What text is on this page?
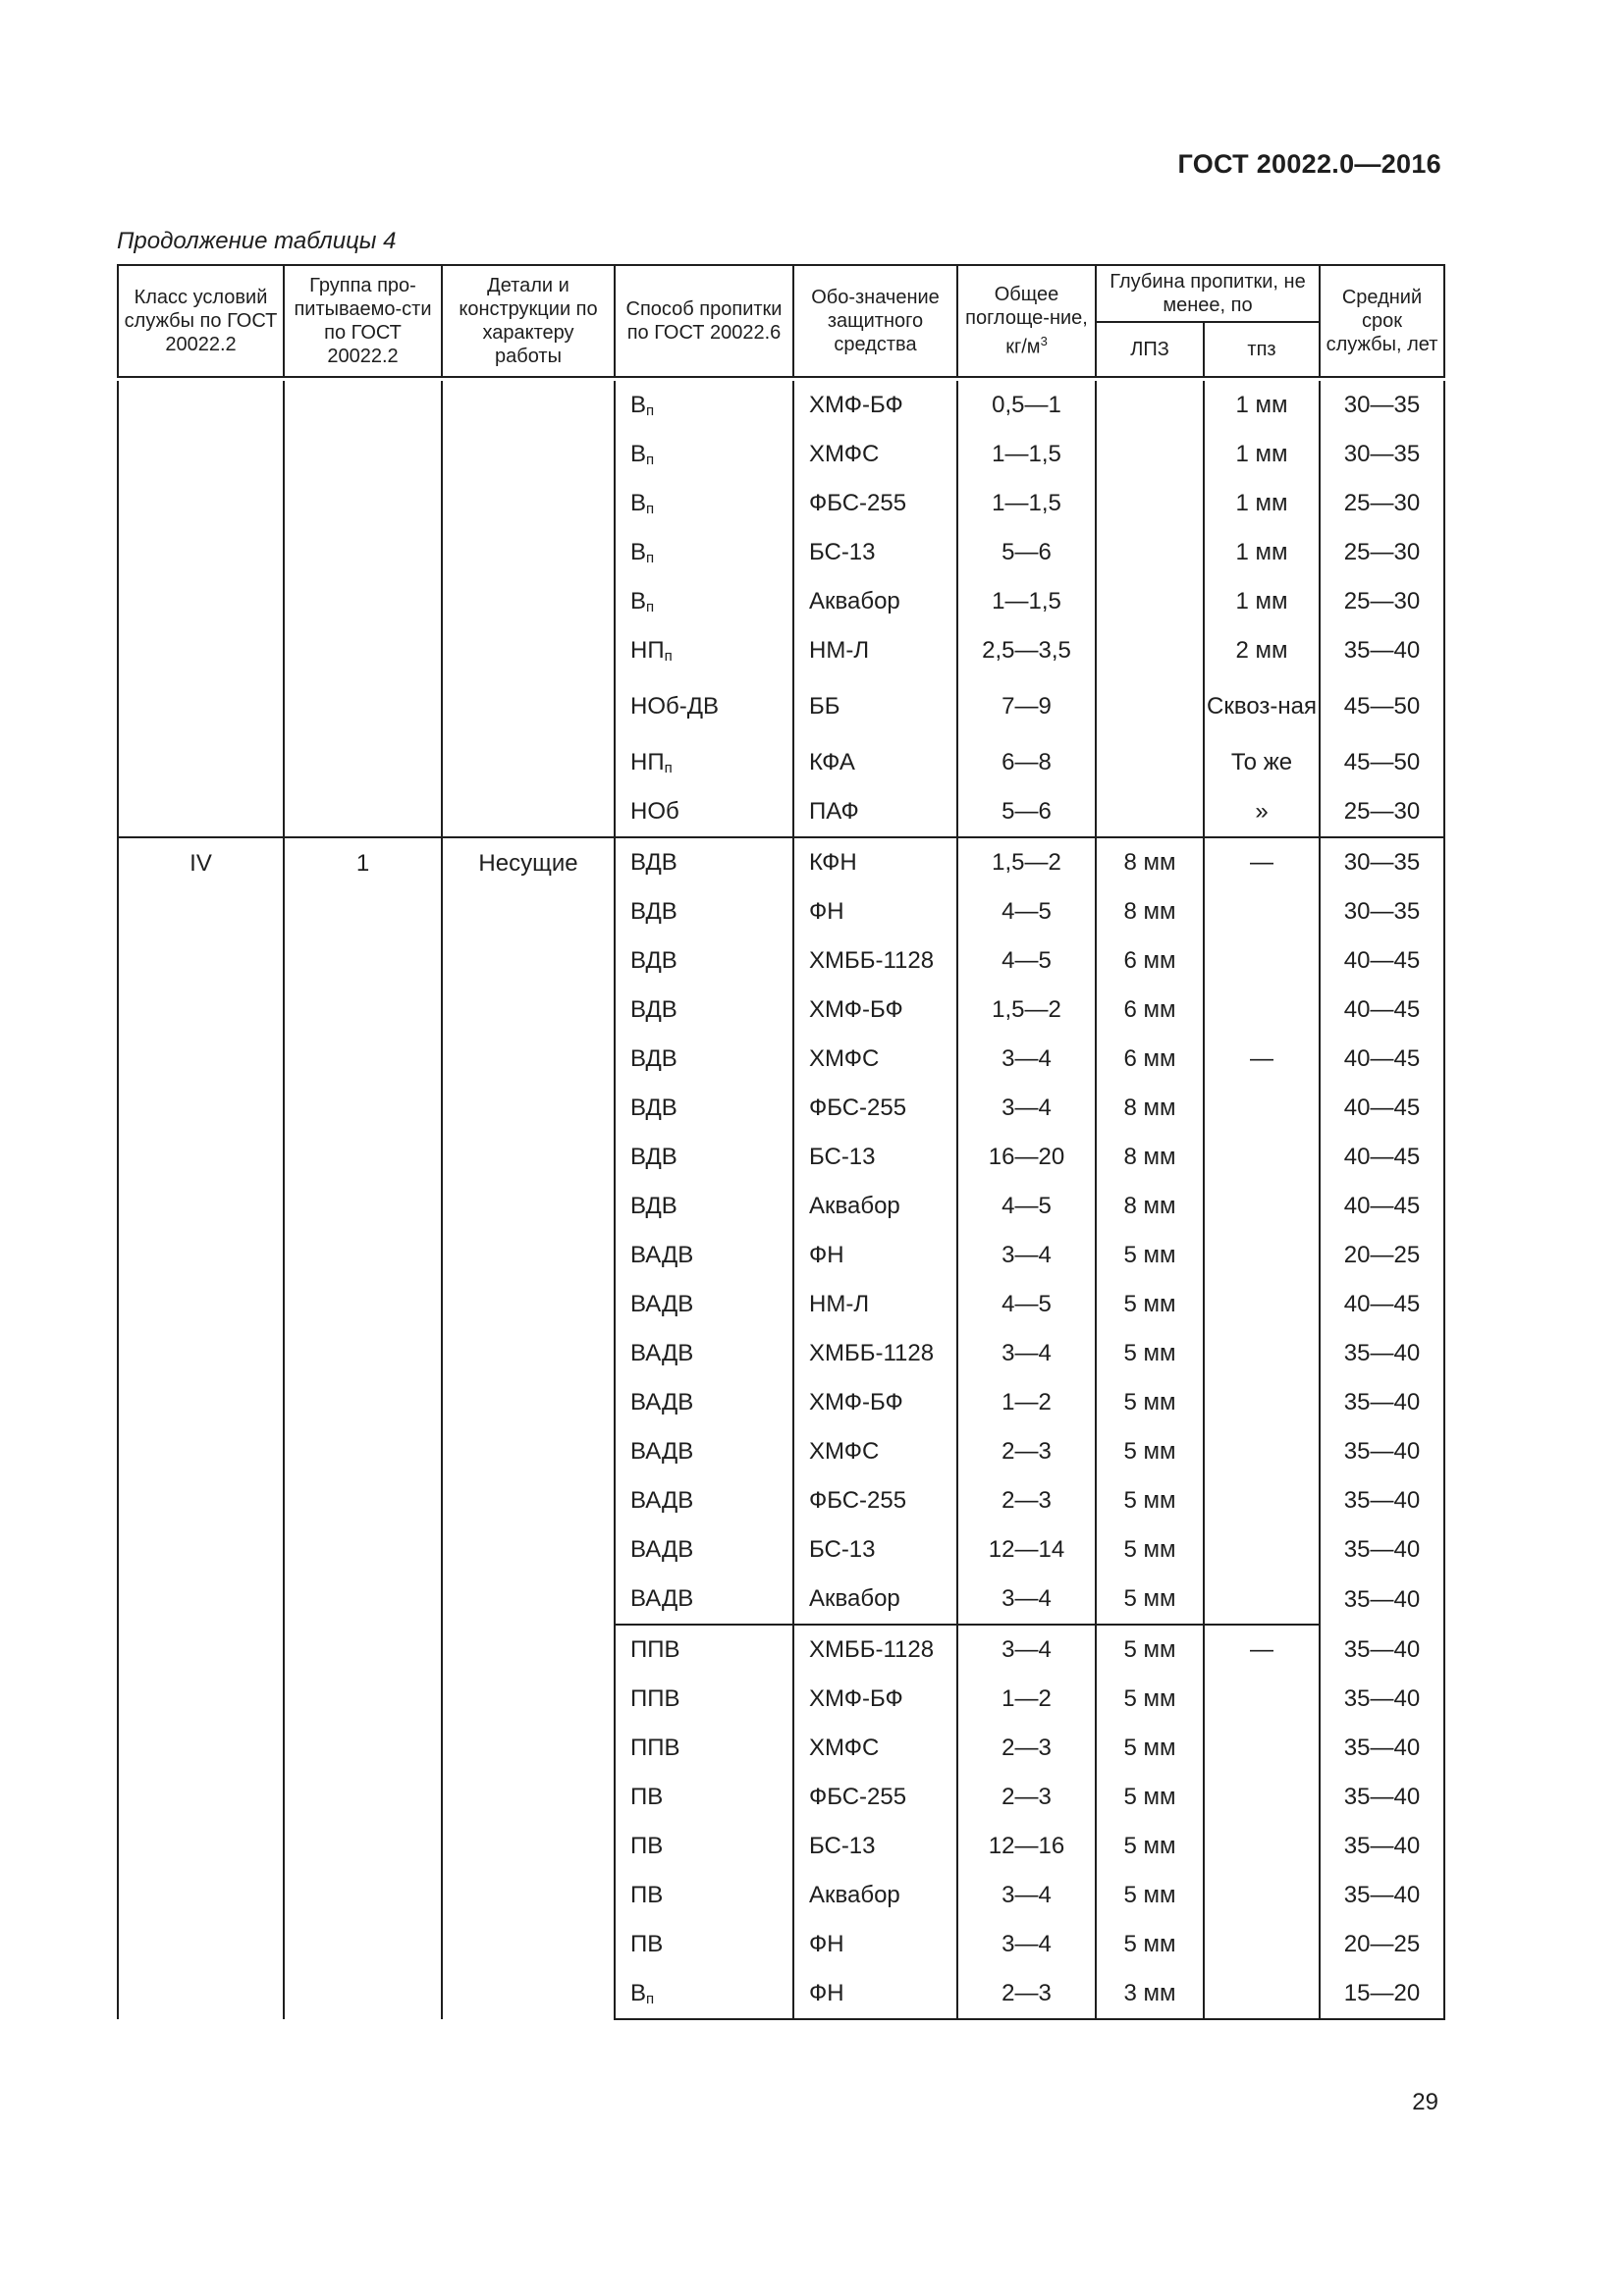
ГОСТ 20022.0—2016
Продолжение таблицы 4
Класс условий службы по ГОСТ 20022.2	Группа про-питываемо-сти по ГОСТ 20022.2	Детали и конструкции по характеру работы	Способ пропитки по ГОСТ 20022.6	Обо-значение защитного средства	Общее поглоще-ние, $кг/м^3$	Глубина пропитки, не менее, по		Средний срок службы, лет
						ЛПЗ	тпз	

			$В_п$	ХМФ-БФ	0,5—1		1 мм	30—35
			$В_п$	ХМФС	1—1,5		1 мм	30—35
			$В_п$	ФБС-255	1—1,5		1 мм	25—30
			$В_п$	БС-13	5—6		1 мм	25—30
			$В_п$	Аквабор	1—1,5		1 мм	25—30
			$НП_п$	НМ-Л	2,5—3,5		2 мм	35—40
			НОб-ДВ	ББ	7—9		Сквоз-ная	45—50
			$НП_п$	КФА	6—8		То же	45—50
			НОб	ПАФ	5—6		»	25—30
IV	1	Несущие	ВДВ	КФН	1,5—2	8 мм	—	30—35
			ВДВ	ФН	4—5	8 мм		30—35
			ВДВ	ХМББ-1128	4—5	6 мм		40—45
			ВДВ	ХМФ-БФ	1,5—2	6 мм		40—45
			ВДВ	ХМФС	3—4	6 мм	—	40—45
			ВДВ	ФБС-255	3—4	8 мм		40—45
			ВДВ	БС-13	16—20	8 мм		40—45
			ВДВ	Аквабор	4—5	8 мм		40—45
			ВАДВ	ФН	3—4	5 мм		20—25
			ВАДВ	НМ-Л	4—5	5 мм		40—45
			ВАДВ	ХМББ-1128	3—4	5 мм		35—40
			ВАДВ	ХМФ-БФ	1—2	5 мм		35—40
			ВАДВ	ХМФС	2—3	5 мм		35—40
			ВАДВ	ФБС-255	2—3	5 мм		35—40
			ВАДВ	БС-13	12—14	5 мм		35—40
			ВАДВ	Аквабор	3—4	5 мм		35—40
			ППВ	ХМББ-1128	3—4	5 мм	—	35—40
			ППВ	ХМФ-БФ	1—2	5 мм		35—40
			ППВ	ХМФС	2—3	5 мм		35—40
			ПВ	ФБС-255	2—3	5 мм		35—40
			ПВ	БС-13	12—16	5 мм		35—40
			ПВ	Аквабор	3—4	5 мм		35—40
			ПВ	ФН	3—4	5 мм		20—25
			$В_п$	ФН	2—3	3 мм		15—20
29
